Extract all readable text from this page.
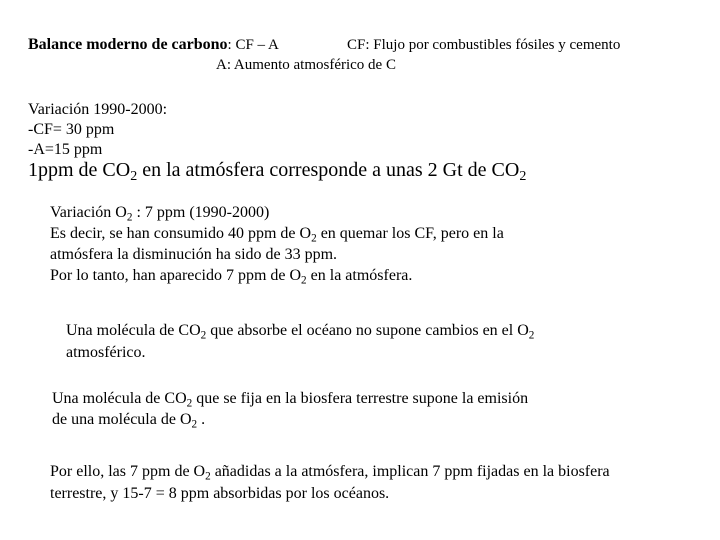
Balance moderno de carbono: CF – A	CF: Flujo por combustibles fósiles y cemento
A: Aumento atmosférico de C
Variación 1990-2000:
-CF= 30 ppm
-A=15 ppm
1ppm de $CO_2$ en la atmósfera corresponde a unas 2 Gt de $CO_2$
Variación $O_2$ : 7 ppm (1990-2000)
Es decir, se han consumido 40 ppm de $O_2$ en quemar los CF, pero en la
atmósfera la disminución ha sido de 33 ppm.
Por lo tanto, han aparecido 7 ppm de $O_2$ en la atmósfera.
Una molécula de $CO_2$ que absorbe el océano no supone cambios en el $O_2$
atmosférico.
Una molécula de $CO_2$ que se fija en la biosfera terrestre supone la emisión
de una molécula de $O_2$ .
Por ello, las 7 ppm de $O_2$ añadidas a la atmósfera, implican 7 ppm fijadas en la biosfera
terrestre, y 15-7 = 8 ppm absorbidas por los océanos.
